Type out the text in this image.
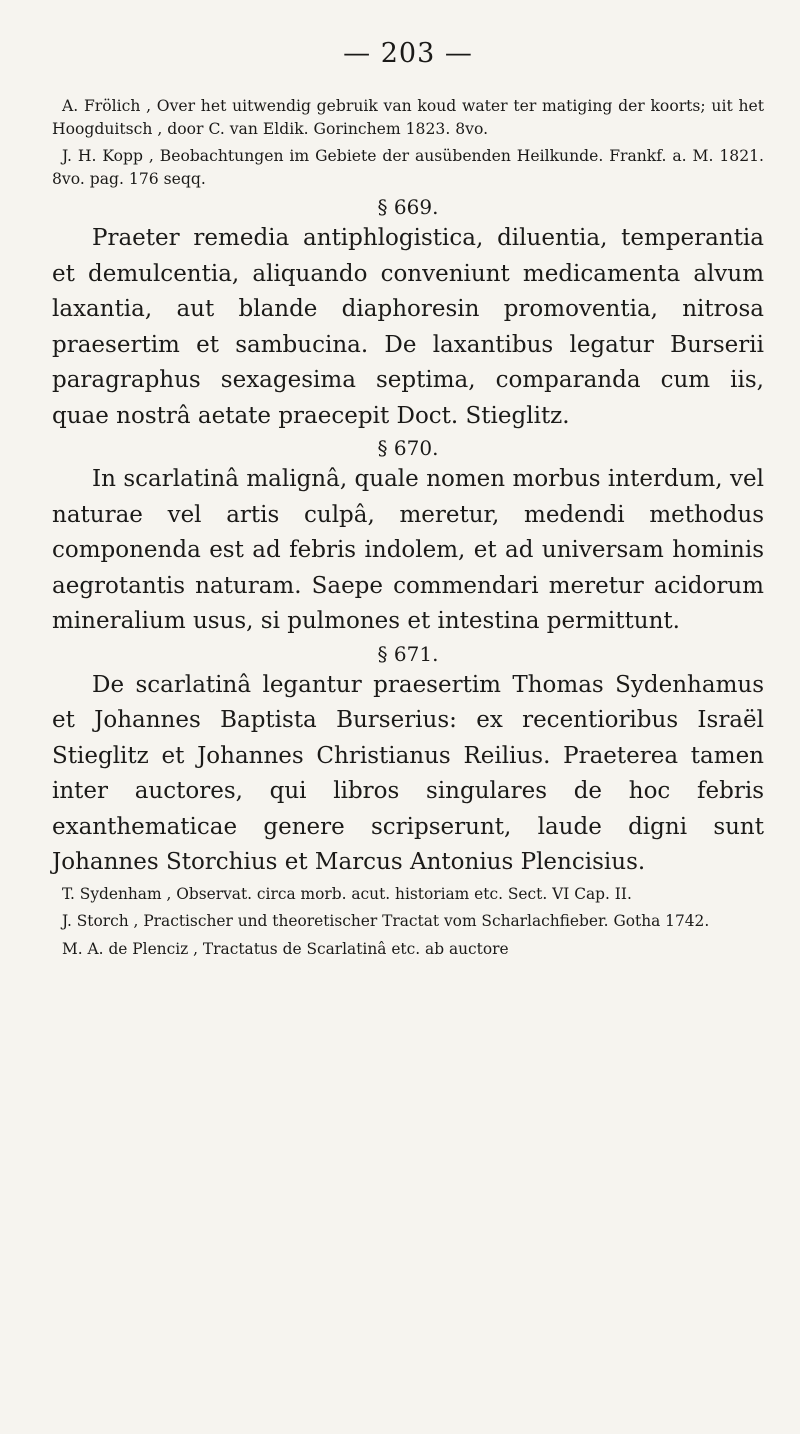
— 203 —

A. Frölich , Over het uitwendig gebruik van koud water ter matiging der koorts; uit het Hoogduitsch , door C. van Eldik. Gorinchem 1823. 8vo.

J. H. Kopp , Beobachtungen im Gebiete der ausübenden Heilkunde. Frankf. a. M. 1821. 8vo. pag. 176 seqq.

§ 669.

Praeter remedia antiphlogistica, diluentia, temperantia et demulcentia, aliquando conveniunt medicamenta alvum laxantia, aut blande diaphoresin promoventia, nitrosa praesertim et sambucina. De laxantibus legatur Burserii paragraphus sexagesima septima, comparanda cum iis, quae nostrâ aetate praecepit Doct. Stieglitz.

§ 670.

In scarlatinâ malignâ, quale nomen morbus interdum, vel naturae vel artis culpâ, meretur, medendi methodus componenda est ad febris indolem, et ad universam hominis aegrotantis naturam. Saepe commendari meretur acidorum mineralium usus, si pulmones et intestina permittunt.

§ 671.

De scarlatinâ legantur praesertim Thomas Sydenhamus et Johannes Baptista Burserius: ex recentioribus Israël Stieglitz et Johannes Christianus Reilius. Praeterea tamen inter auctores, qui libros singulares de hoc febris exanthematicae genere scripserunt, laude digni sunt Johannes Storchius et Marcus Antonius Plencisius.

T. Sydenham , Observat. circa morb. acut. historiam etc. Sect. VI Cap. II.

J. Storch , Practischer und theoretischer Tractat vom Scharlachfieber. Gotha 1742.

M. A. de Plenciz , Tractatus de Scarlatinâ etc. ab auctore
